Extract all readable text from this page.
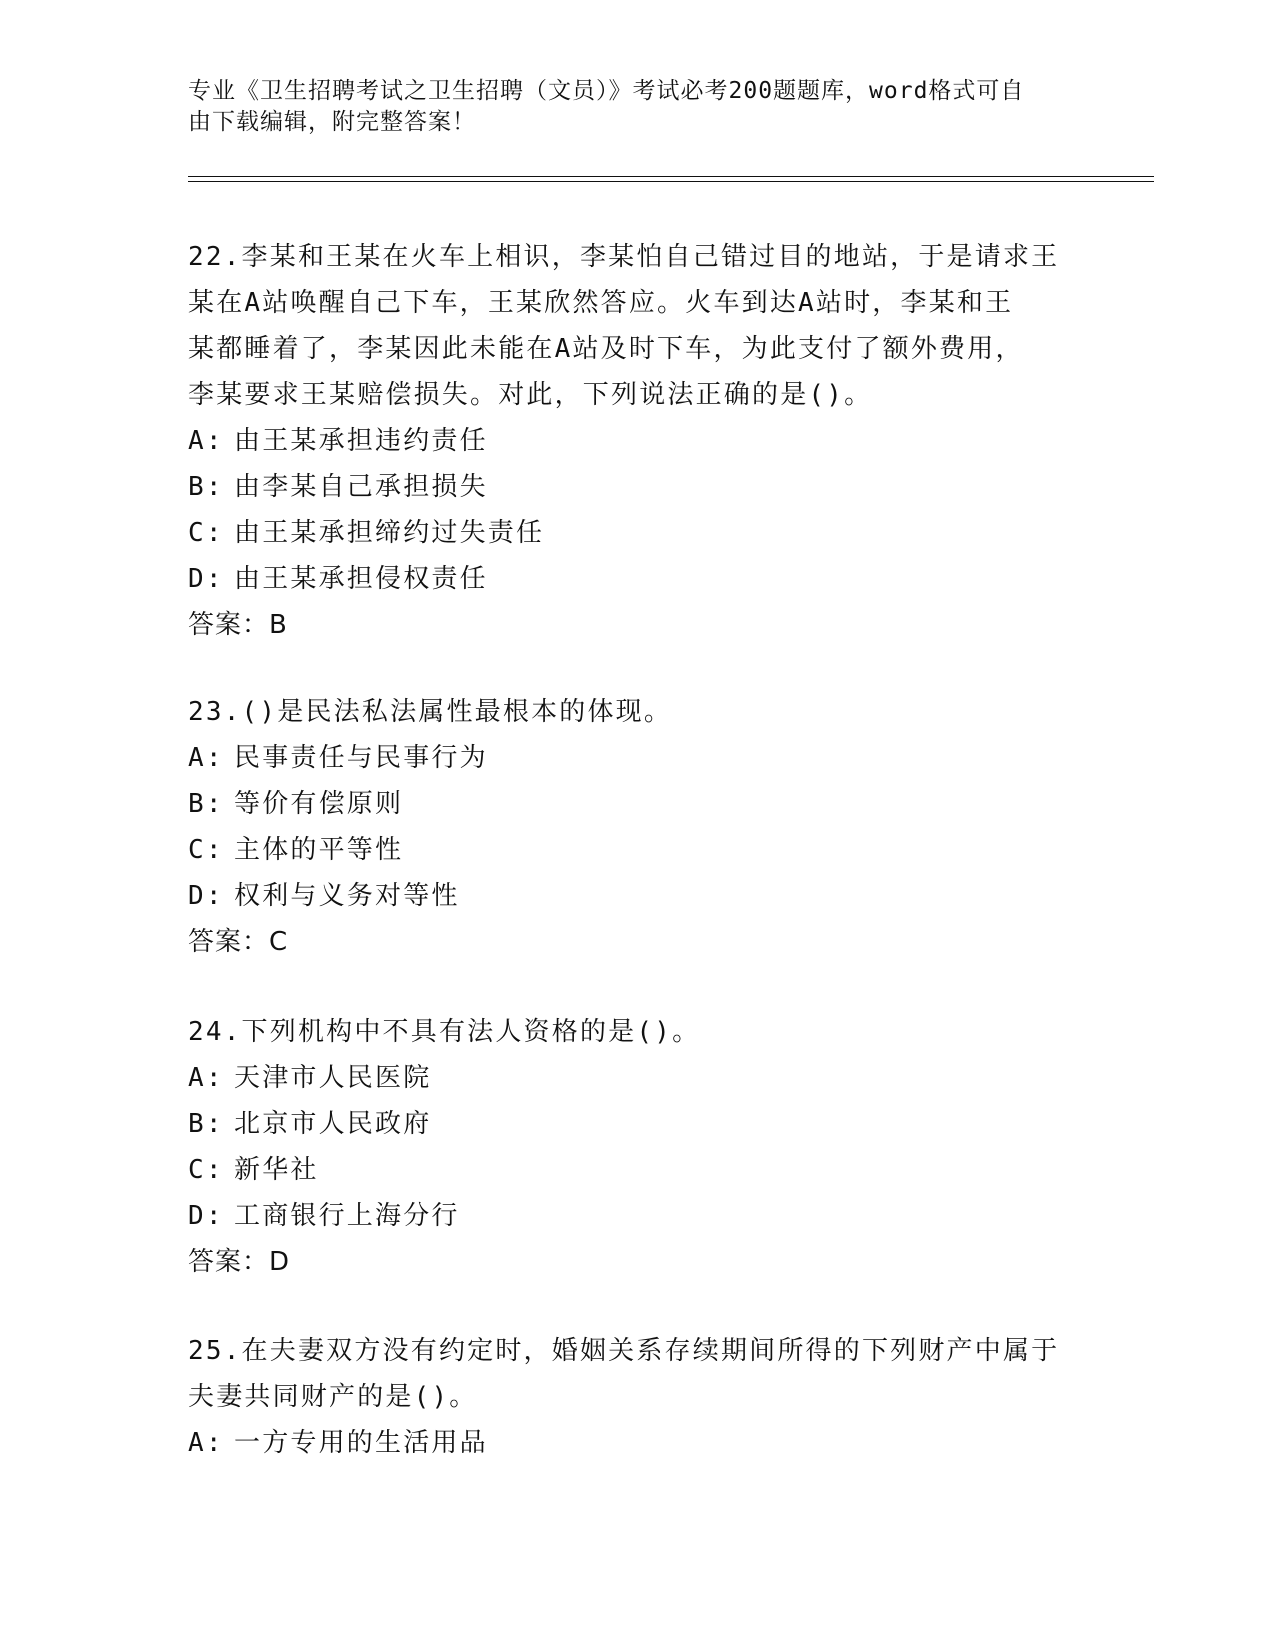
专业《卫生招聘考试之卫生招聘（文员）》考试必考200题题库，word格式可自
由下载编辑，附完整答案！
22.李某和王某在火车上相识，李某怕自己错过目的地站，于是请求王
某在A站唤醒自己下车，王某欣然答应。火车到达A站时，李某和王
某都睡着了，李某因此未能在A站及时下车，为此支付了额外费用，
李某要求王某赔偿损失。对此，下列说法正确的是()。
A: 由王某承担违约责任
B: 由李某自己承担损失
C: 由王某承担缔约过失责任
D: 由王某承担侵权责任
答案：B
23.()是民法私法属性最根本的体现。
A: 民事责任与民事行为
B: 等价有偿原则
C: 主体的平等性
D: 权利与义务对等性
答案：C
24.下列机构中不具有法人资格的是()。
A: 天津市人民医院
B: 北京市人民政府
C: 新华社
D: 工商银行上海分行
答案：D
25.在夫妻双方没有约定时，婚姻关系存续期间所得的下列财产中属于
夫妻共同财产的是()。
A: 一方专用的生活用品
